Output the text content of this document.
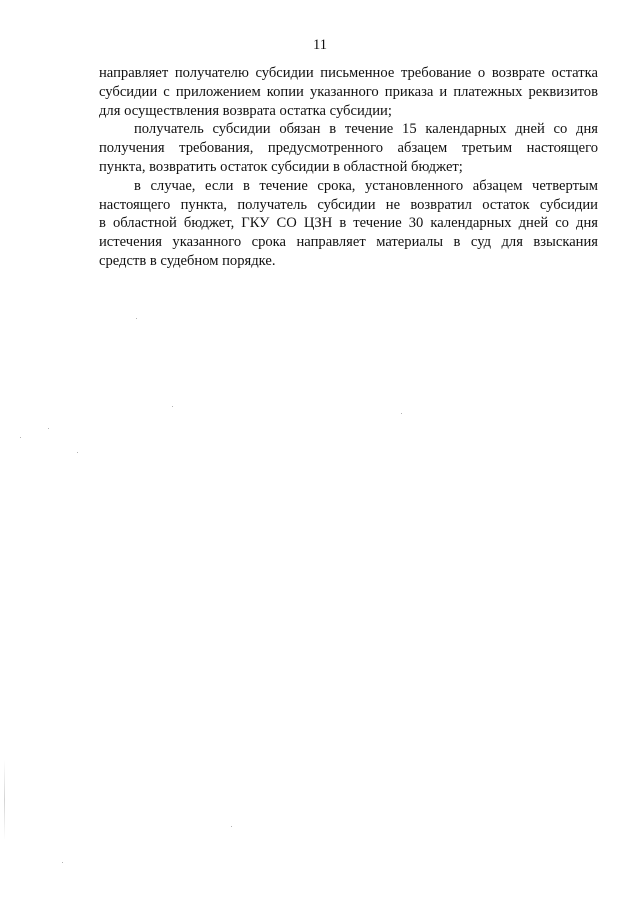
11

направляет получателю субсидии письменное требование о возврате остатка
субсидии с приложением копии указанного приказа и платежных реквизитов
для осуществления возврата остатка субсидии;

получатель субсидии обязан в течение 15 календарных дней со дня
получения требования, предусмотренного абзацем третьим настоящего
пункта, возвратить остаток субсидии в областной бюджет;

в случае, если в течение срока, установленного абзацем четвертым
настоящего пункта, получатель субсидии не возвратил остаток субсидии
в областной бюджет, ГКУ СО ЦЗН в течение 30 календарных дней со дня
истечения указанного срока направляет материалы в суд для взыскания
средств в судебном порядке.
